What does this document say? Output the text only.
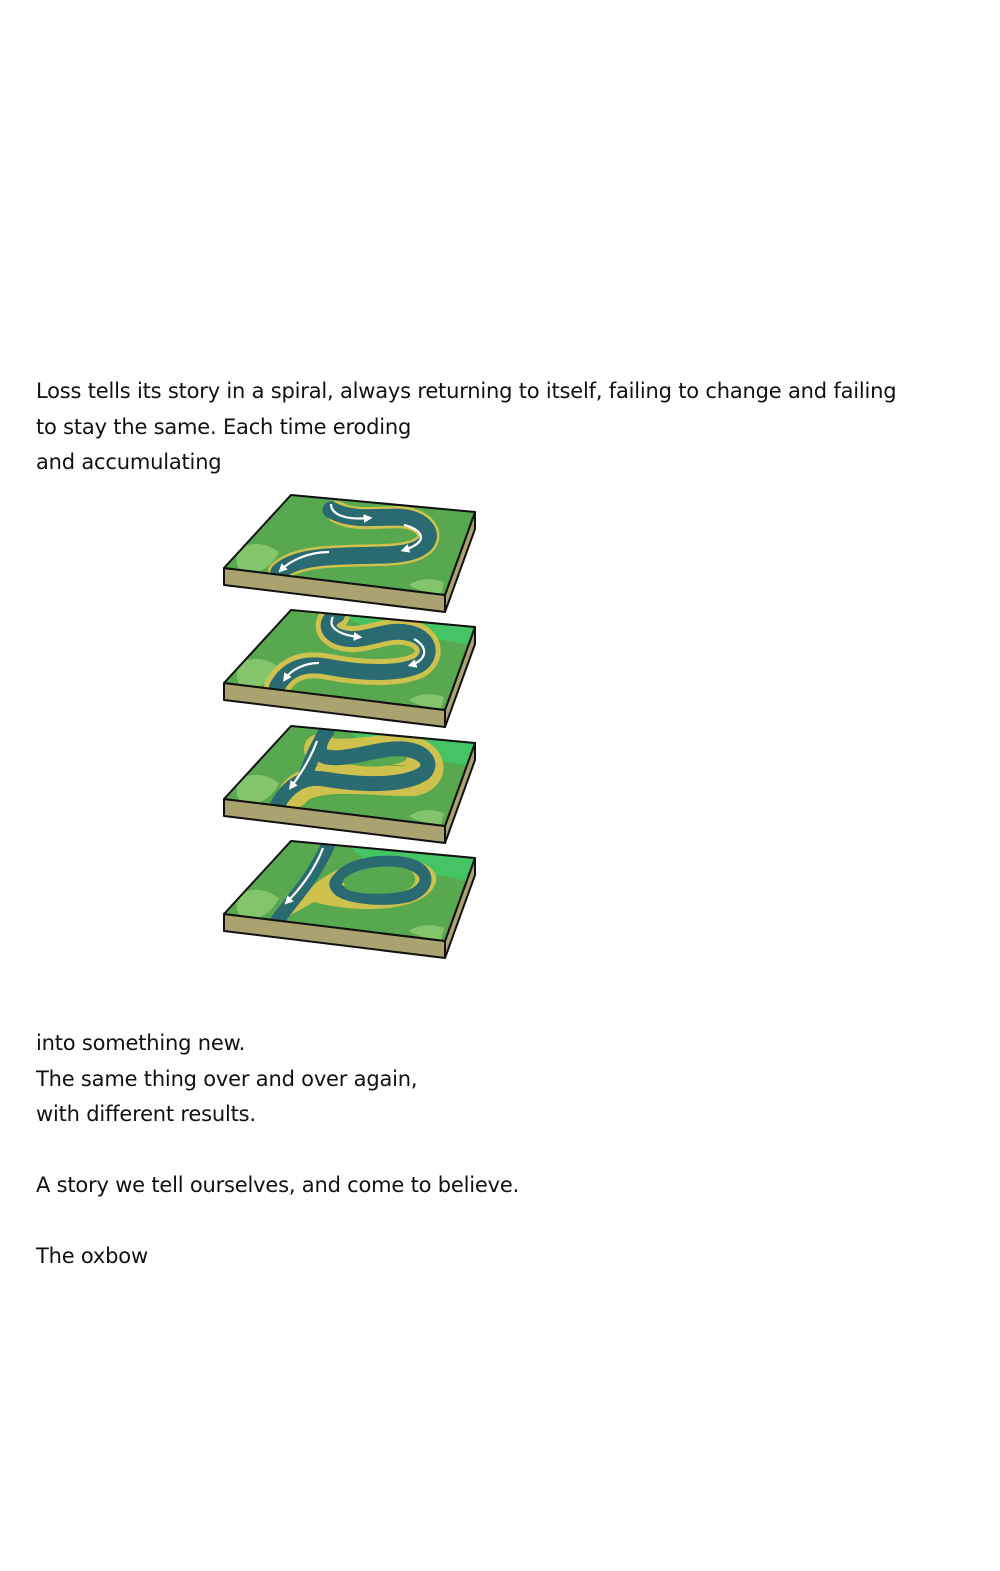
Loss tells its story in a spiral, always returning to itself, failing to change and failing

to stay the same. Each time eroding

and accumulating

into something new.

The same thing over and over again,

with different results.

A story we tell ourselves, and come to believe.

The oxbow
